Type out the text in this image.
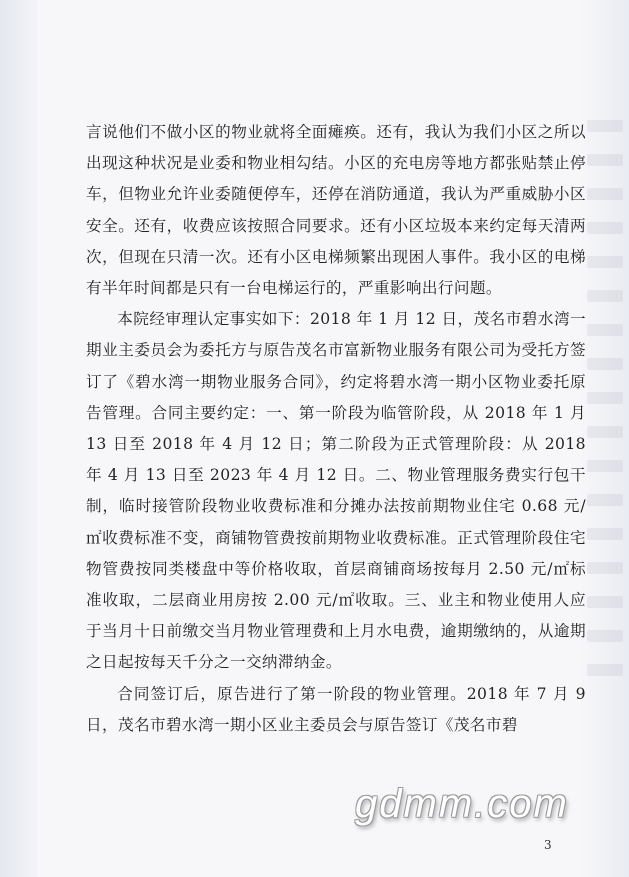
言说他们不做小区的物业就将全面瘫痪。还有，我认为我们小区之所以出现这种状况是业委和物业相勾结。小区的充电房等地方都张贴禁止停车，但物业允许业委随便停车，还停在消防通道，我认为严重威胁小区安全。还有，收费应该按照合同要求。还有小区垃圾本来约定每天清两次，但现在只清一次。还有小区电梯频繁出现困人事件。我小区的电梯有半年时间都是只有一台电梯运行的，严重影响出行问题。

本院经审理认定事实如下：2018 年 1 月 12 日，茂名市碧水湾一期业主委员会为委托方与原告茂名市富新物业服务有限公司为受托方签订了《碧水湾一期物业服务合同》，约定将碧水湾一期小区物业委托原告管理。合同主要约定：一、第一阶段为临管阶段，从 2018 年 1 月 13 日至 2018 年 4 月 12 日；第二阶段为正式管理阶段：从 2018 年 4 月 13 日至 2023 年 4 月 12 日。二、物业管理服务费实行包干制，临时接管阶段物业收费标准和分摊办法按前期物业住宅 0.68 元/㎡收费标准不变，商铺物管费按前期物业收费标准。正式管理阶段住宅物管费按同类楼盘中等价格收取，首层商铺商场按每月 2.50 元/㎡标准收取，二层商业用房按 2.00 元/㎡收取。三、业主和物业使用人应于当月十日前缴交当月物业管理费和上月水电费，逾期缴纳的，从逾期之日起按每天千分之一交纳滞纳金。

合同签订后，原告进行了第一阶段的物业管理。2018 年 7 月 9 日，茂名市碧水湾一期小区业主委员会与原告签订《茂名市碧

gdmm.com
3
